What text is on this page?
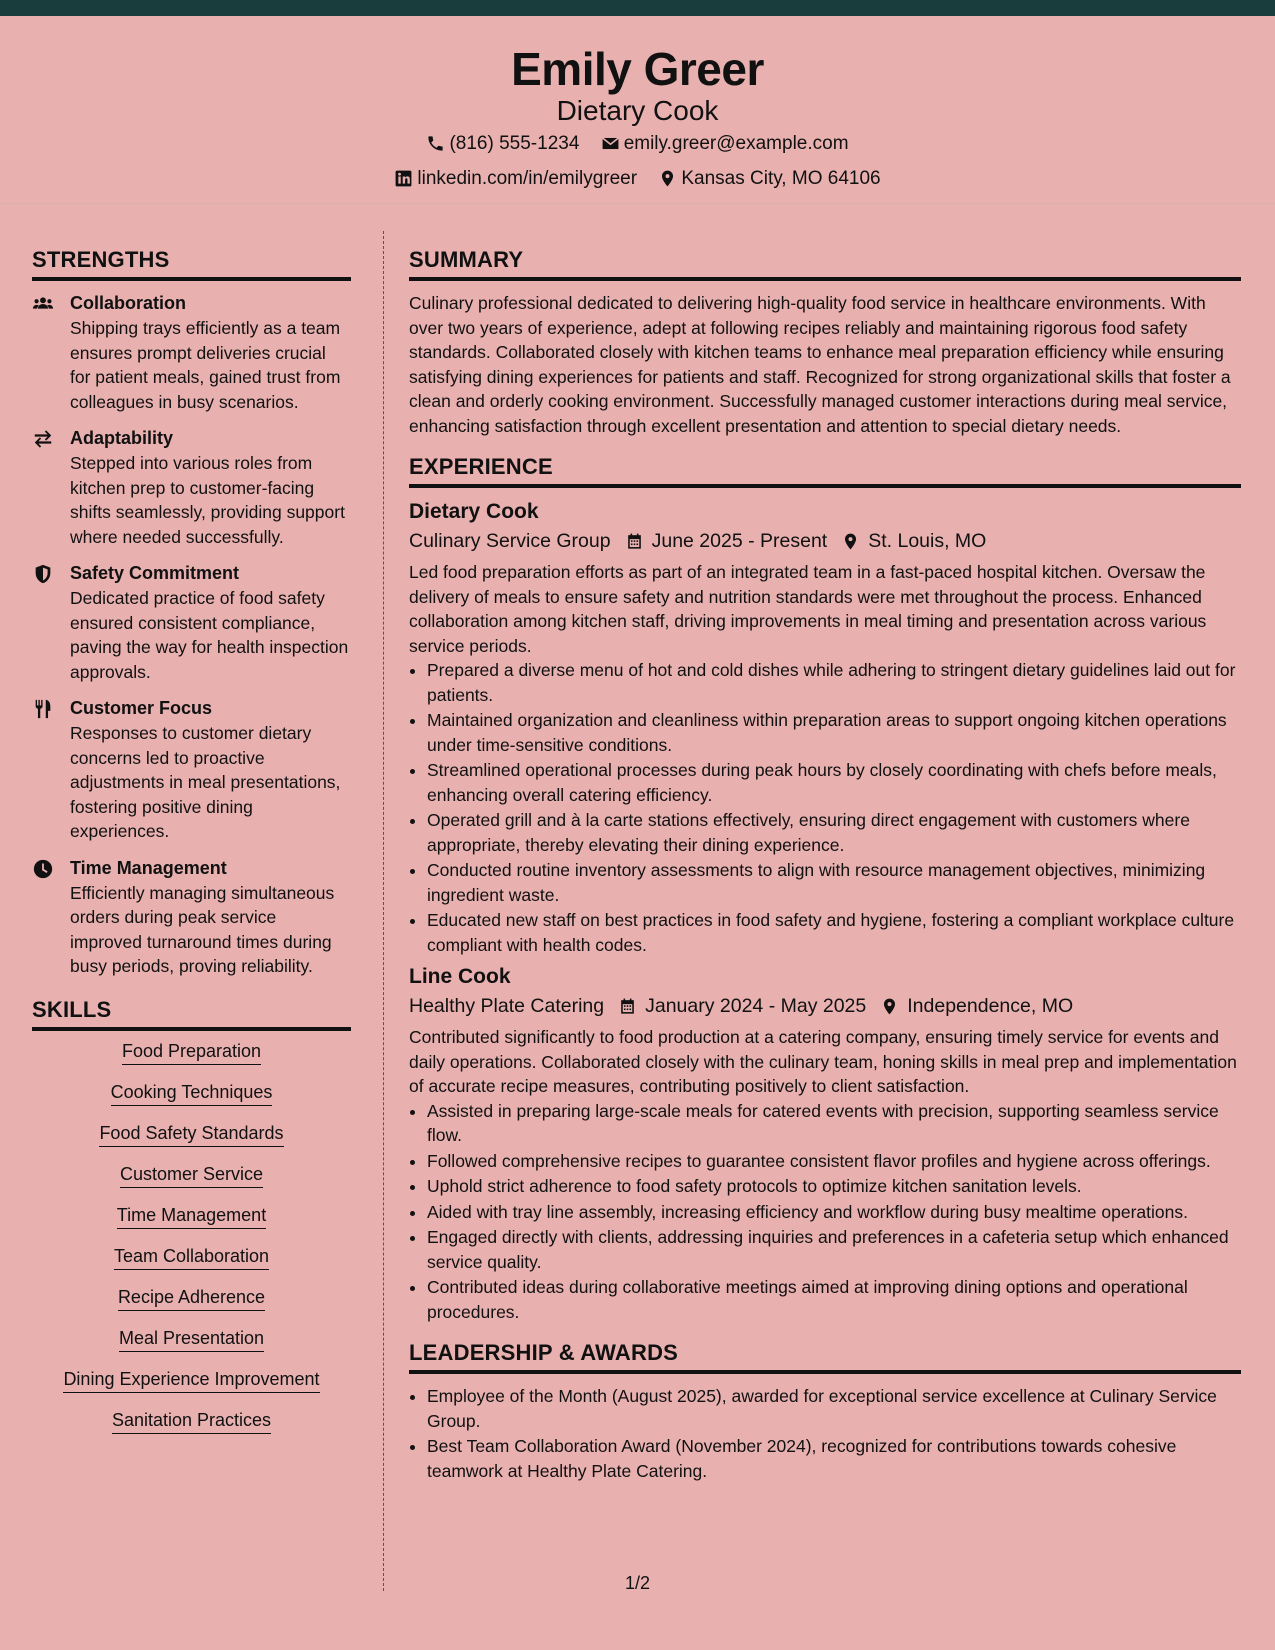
Emily Greer
Dietary Cook
(816) 555-1234
emily.greer@example.com
linkedin.com/in/emilygreer
Kansas City, MO 64106
STRENGTHS
Collaboration
Shipping trays efficiently as a team ensures prompt deliveries crucial for patient meals, gained trust from colleagues in busy scenarios.
Adaptability
Stepped into various roles from kitchen prep to customer-facing shifts seamlessly, providing support where needed successfully.
Safety Commitment
Dedicated practice of food safety ensured consistent compliance, paving the way for health inspection approvals.
Customer Focus
Responses to customer dietary concerns led to proactive adjustments in meal presentations, fostering positive dining experiences.
Time Management
Efficiently managing simultaneous orders during peak service improved turnaround times during busy periods, proving reliability.
SKILLS
Food Preparation
Cooking Techniques
Food Safety Standards
Customer Service
Time Management
Team Collaboration
Recipe Adherence
Meal Presentation
Dining Experience Improvement
Sanitation Practices
SUMMARY
Culinary professional dedicated to delivering high-quality food service in healthcare environments. With over two years of experience, adept at following recipes reliably and maintaining rigorous food safety standards. Collaborated closely with kitchen teams to enhance meal preparation efficiency while ensuring satisfying dining experiences for patients and staff. Recognized for strong organizational skills that foster a clean and orderly cooking environment. Successfully managed customer interactions during meal service, enhancing satisfaction through excellent presentation and attention to special dietary needs.
EXPERIENCE
Dietary Cook
Culinary Service Group June 2025 - Present St. Louis, MO
Led food preparation efforts as part of an integrated team in a fast-paced hospital kitchen. Oversaw the delivery of meals to ensure safety and nutrition standards were met throughout the process. Enhanced collaboration among kitchen staff, driving improvements in meal timing and presentation across various service periods.
• Prepared a diverse menu of hot and cold dishes while adhering to stringent dietary guidelines laid out for patients.
• Maintained organization and cleanliness within preparation areas to support ongoing kitchen operations under time-sensitive conditions.
• Streamlined operational processes during peak hours by closely coordinating with chefs before meals, enhancing overall catering efficiency.
• Operated grill and à la carte stations effectively, ensuring direct engagement with customers where appropriate, thereby elevating their dining experience.
• Conducted routine inventory assessments to align with resource management objectives, minimizing ingredient waste.
• Educated new staff on best practices in food safety and hygiene, fostering a compliant workplace culture compliant with health codes.
Line Cook
Healthy Plate Catering January 2024 - May 2025 Independence, MO
Contributed significantly to food production at a catering company, ensuring timely service for events and daily operations. Collaborated closely with the culinary team, honing skills in meal prep and implementation of accurate recipe measures, contributing positively to client satisfaction.
• Assisted in preparing large-scale meals for catered events with precision, supporting seamless service flow.
• Followed comprehensive recipes to guarantee consistent flavor profiles and hygiene across offerings.
• Uphold strict adherence to food safety protocols to optimize kitchen sanitation levels.
• Aided with tray line assembly, increasing efficiency and workflow during busy mealtime operations.
• Engaged directly with clients, addressing inquiries and preferences in a cafeteria setup which enhanced service quality.
• Contributed ideas during collaborative meetings aimed at improving dining options and operational procedures.
LEADERSHIP & AWARDS
• Employee of the Month (August 2025), awarded for exceptional service excellence at Culinary Service Group.
• Best Team Collaboration Award (November 2024), recognized for contributions towards cohesive teamwork at Healthy Plate Catering.
1/2
